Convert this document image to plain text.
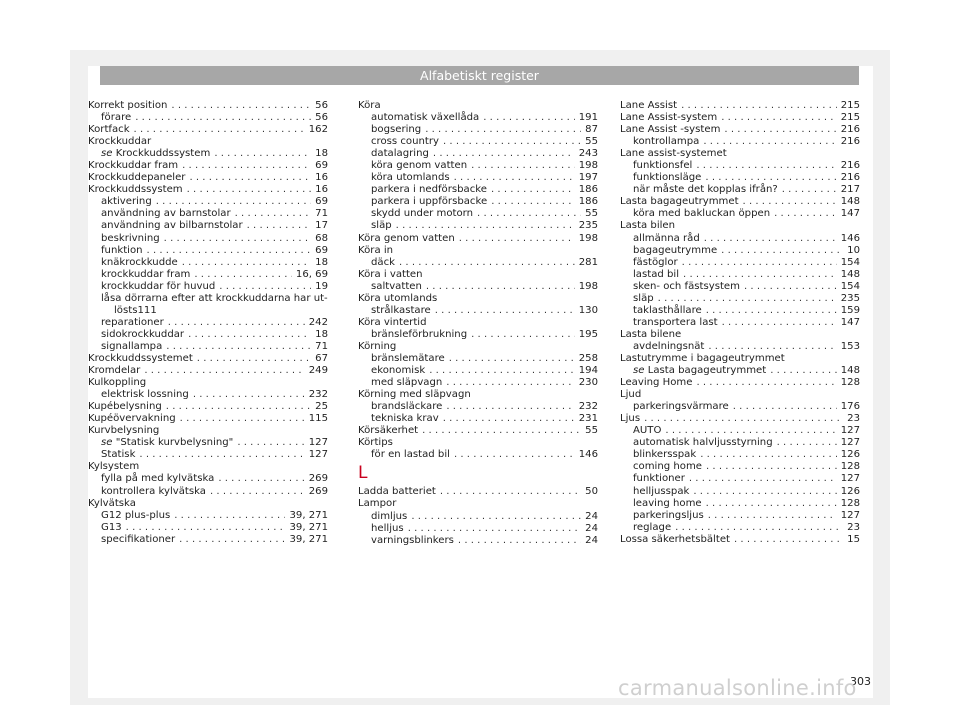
Alfabetiskt register
Korrekt position . . .	56
förare . . .	56
Kortfack . . .	162
Krockkuddar
se Krockkuddssystem . . .	18
Krockkuddar fram . . .	69
Krockkuddepaneler . . .	16
Krockkuddssystem . . .	16
aktivering . . .	69
användning av barnstolar . . .	71
användning av bilbarnstolar . . .	17
beskrivning . . .	68
funktion . . .	69
knäkrockkudde . . .	18
krockkuddar fram . . .	16, 69
krockkuddar för huvud . . .	19
låsa dörrarna efter att krockkuddarna har ut-
lösts 111
reparationer . . .	242
sidokrockkuddar . . .	18
signallampa . . .	71
Krockkuddssystemet . . .	67
Kromdelar . . .	249
Kulkoppling
elektrisk lossning . . .	232
Kupébelysning . . .	25
Kupéövervakning . . .	115
Kurvbelysning
se "Statisk kurvbelysning" . . .	127
Statisk . . .	127
Kylsystem
fylla på med kylvätska . . .	269
kontrollera kylvätska . . .	269
Kylvätska
G12 plus-plus . . .	39, 271
G13 . . .	39, 271
specifikationer . . .	39, 271
Köra
automatisk växellåda . . .	191
bogsering . . .	87
cross country . . .	55
datalagring . . .	243
köra genom vatten . . .	198
köra utomlands . . .	197
parkera i nedförsbacke . . .	186
parkera i uppförsbacke . . .	186
skydd under motorn . . .	55
släp . . .	235
Köra genom vatten . . .	198
Köra in
däck . . .	281
Köra i vatten
saltvatten . . .	198
Köra utomlands
strålkastare . . .	130
Köra vintertid
bränsleförbrukning . . .	195
Körning
bränslemätare . . .	258
ekonomisk . . .	194
med släpvagn . . .	230
Körning med släpvagn
brandsläckare . . .	232
tekniska krav . . .	231
Körsäkerhet . . .	55
Körtips
för en lastad bil . . .	146
L
Ladda batteriet . . .	50
Lampor
dimljus . . .	24
helljus . . .	24
varningsblinkers . . .	24
Lane Assist . . .	215
Lane Assist-system . . .	215
Lane Assist -system . . .	216
kontrollampa . . .	216
Lane assist-systemet
funktionsfel . . .	216
funktionsläge . . .	216
när måste det kopplas ifrån? . . .	217
Lasta bagageutrymmet . . .	148
köra med bakluckan öppen . . .	147
Lasta bilen
allmänna råd . . .	146
bagageutrymme . . .	10
fästöglor . . .	154
lastad bil . . .	148
sken- och fästsystem . . .	154
släp . . .	235
taklasthållare . . .	159
transportera last . . .	147
Lasta bilene
avdelningsnät . . .	153
Lastutrymme i bagageutrymmet
se Lasta bagageutrymmet . . .	148
Leaving Home . . .	128
Ljud
parkeringsvärmare . . .	176
Ljus . . .	23
AUTO . . .	127
automatisk halvljusstyrning . . .	127
blinkersspak . . .	126
coming home . . .	128
funktioner . . .	127
helljusspak . . .	126
leaving home . . .	128
parkeringsljus . . .	127
reglage . . .	23
Lossa säkerhetsbältet . . .	15
303
carmanualsonline.info
